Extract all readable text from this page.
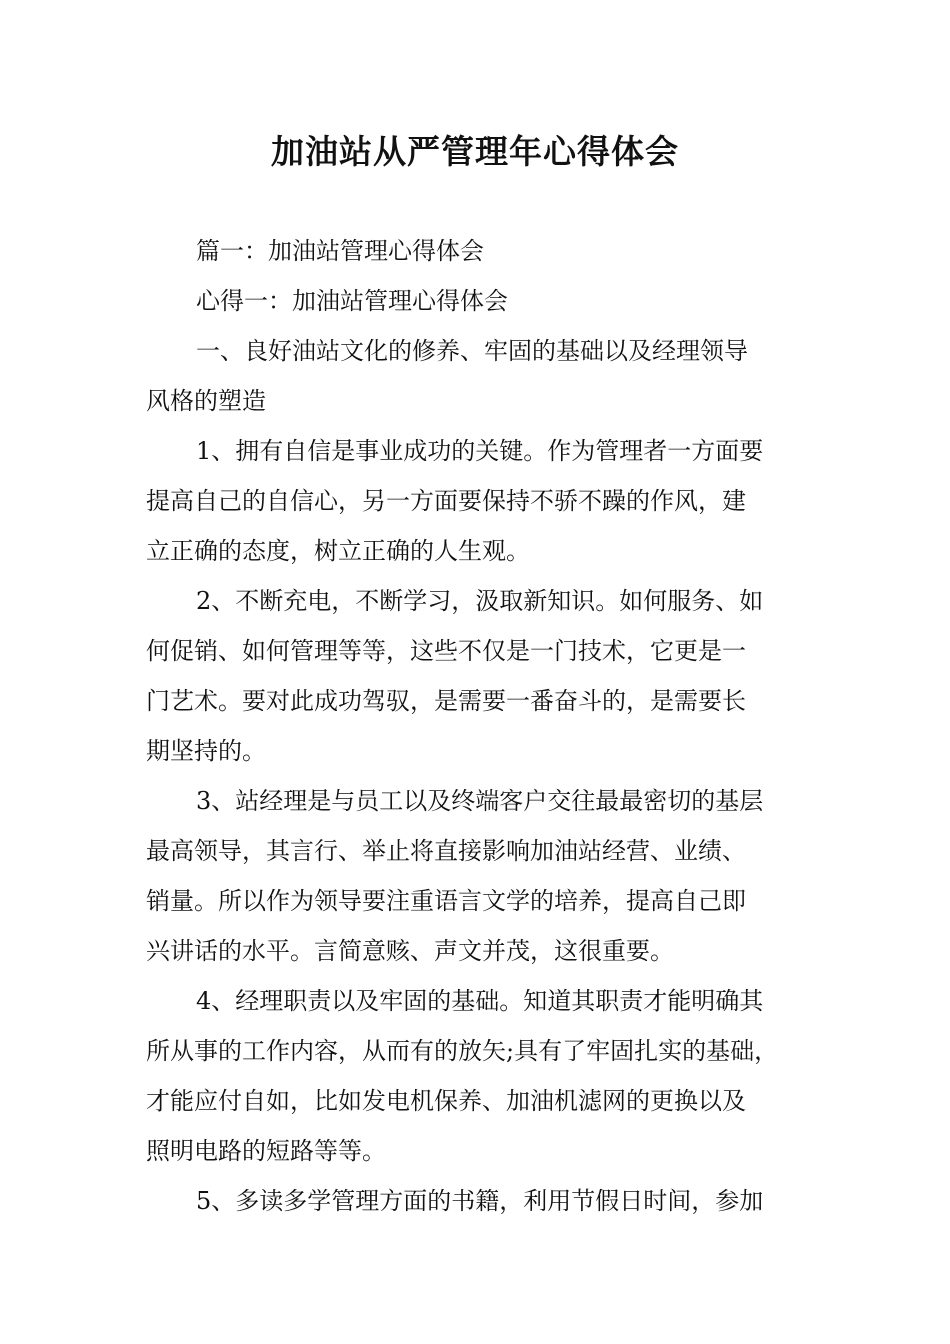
加油站从严管理年心得体会
篇一：加油站管理心得体会
心得一：加油站管理心得体会
一、良好油站文化的修养、牢固的基础以及经理领导
风格的塑造
1、拥有自信是事业成功的关键。作为管理者一方面要
提高自己的自信心，另一方面要保持不骄不躁的作风，建
立正确的态度，树立正确的人生观。
2、不断充电，不断学习，汲取新知识。如何服务、如
何促销、如何管理等等，这些不仅是一门技术，它更是一
门艺术。要对此成功驾驭，是需要一番奋斗的，是需要长
期坚持的。
3、站经理是与员工以及终端客户交往最最密切的基层
最高领导，其言行、举止将直接影响加油站经营、业绩、
销量。所以作为领导要注重语言文学的培养，提高自己即
兴讲话的水平。言简意赅、声文并茂，这很重要。
4、经理职责以及牢固的基础。知道其职责才能明确其
所从事的工作内容，从而有的放矢;具有了牢固扎实的基础，
才能应付自如，比如发电机保养、加油机滤网的更换以及
照明电路的短路等等。
5、多读多学管理方面的书籍，利用节假日时间，参加
